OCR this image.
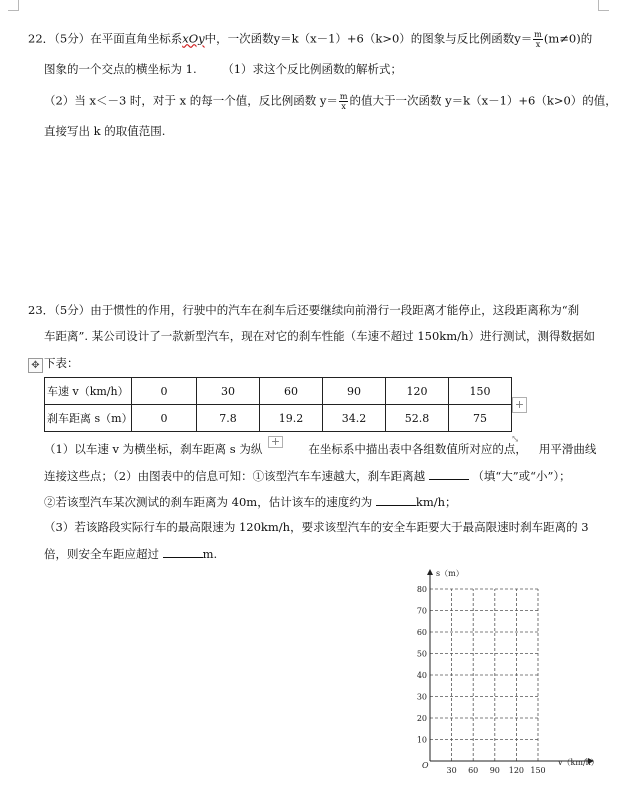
22．（5分）在平面直角坐标系xOy中，一次函数y＝k（x－1）+6（k>0）的图象与反比例函数$y= \frac{m}{x} (m\ne 0)$的
图象的一个交点的横坐标为 1. （1）求这个反比例函数的解析式；
（2）当 x＜－3 时，对于 x 的每一个值，反比例函数 $y= \frac{m}{x}$ 的值大于一次函数 y＝k（x－1）+6（k>0）的值，
直接写出 k 的取值范围.
23．（5分）由于惯性的作用，行驶中的汽车在刹车后还要继续向前滑行一段距离才能停止，这段距离称为“刹
车距离”. 某公司设计了一款新型汽车，现在对它的刹车性能（车速不超过 150km/h）进行测试，测得数据如
下表：
✥
车速 v（km/h）	0	30	60	90	120	150
刹车距离 s（m）	0	7.8	19.2	34.2	52.8	75
+
+	⤡
（1）以车速 v 为横坐标，刹车距离 s 为纵	在坐标系中描出表中各组数值所对应的点， 用平滑曲线
连接这些点；（2）由图表中的信息可知：①该型汽车车速越大，刹车距离越	（填“大”或“小”）；
②若该型汽车某次测试的刹车距离为 40m，估计该车的速度约为	km/h；
（3）若该路段实际行车的最高限速为 120km/h，要求该型汽车的安全车距要大于最高限速时刹车距离的 3
倍，则安全车距应超过	m.
s（m）
v（km/h）
O
10
20
30
40
50
60
70
80
30 60 90 120 150
